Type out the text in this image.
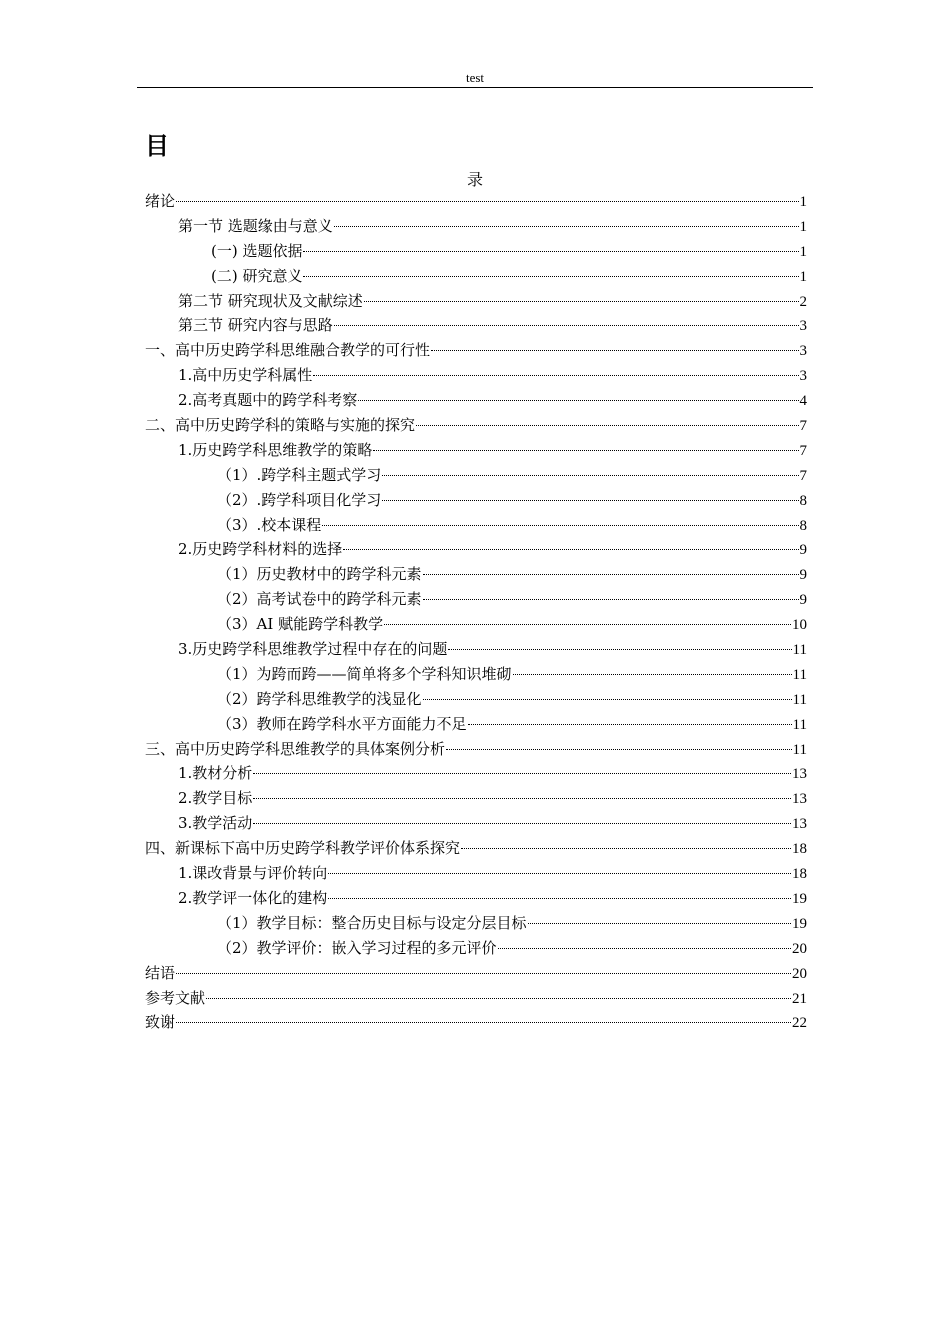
test
目
录
绪论	1
第一节 选题缘由与意义	1
(一) 选题依据	1
(二) 研究意义	1
第二节 研究现状及文献综述	2
第三节 研究内容与思路	3
一、高中历史跨学科思维融合教学的可行性	3
1.高中历史学科属性	3
2.高考真题中的跨学科考察	4
二、高中历史跨学科的策略与实施的探究	7
1.历史跨学科思维教学的策略	7
（1）.跨学科主题式学习	7
（2）.跨学科项目化学习	8
（3）.校本课程	8
2.历史跨学科材料的选择	9
（1）历史教材中的跨学科元素	9
（2）高考试卷中的跨学科元素	9
（3）AI 赋能跨学科教学	10
3.历史跨学科思维教学过程中存在的问题	11
（1）为跨而跨——简单将多个学科知识堆砌	11
（2）跨学科思维教学的浅显化	11
（3）教师在跨学科水平方面能力不足	11
三、高中历史跨学科思维教学的具体案例分析	11
1.教材分析	13
2.教学目标	13
3.教学活动	13
四、新课标下高中历史跨学科教学评价体系探究	18
1.课改背景与评价转向	18
2.教学评一体化的建构	19
（1）教学目标：整合历史目标与设定分层目标	19
（2）教学评价：嵌入学习过程的多元评价	20
结语	20
参考文献	21
致谢	22
